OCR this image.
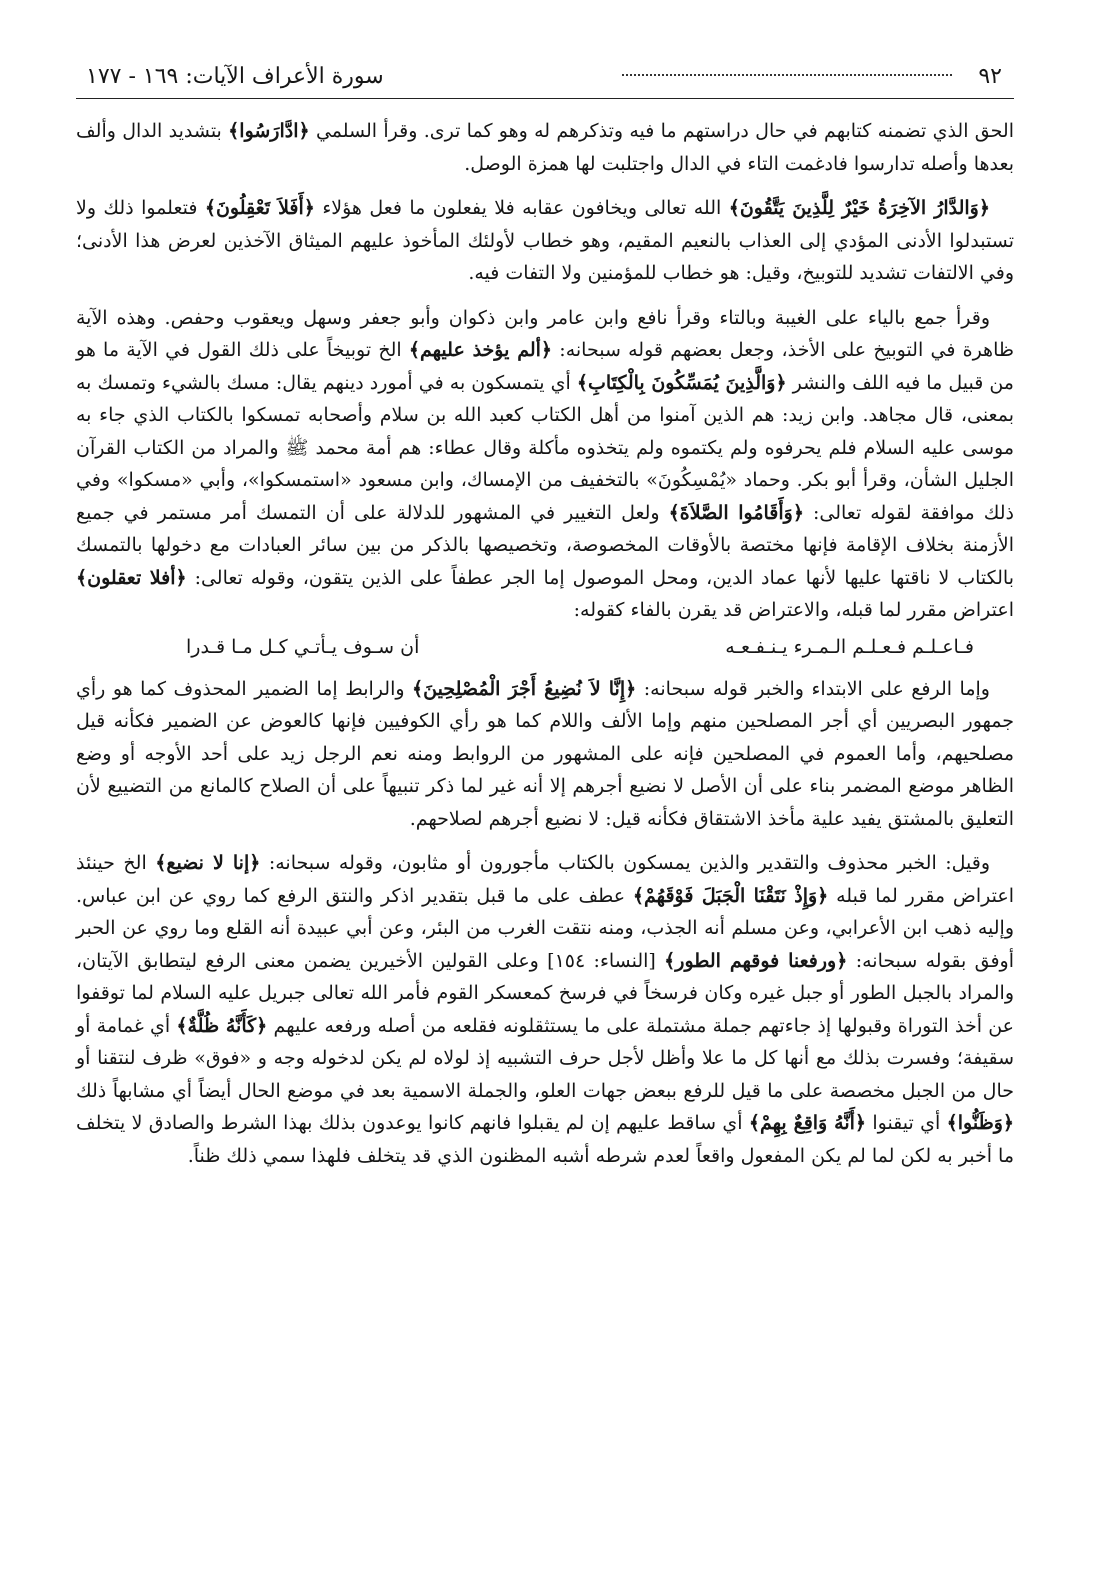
٩٢
سورة الأعراف الآيات: ١٦٩ - ١٧٧

الحق الذي تضمنه كتابهم في حال دراستهم ما فيه وتذكرهم له وهو كما ترى. وقرأ السلمي ﴿ادَّارَسُوا﴾ بتشديد الدال وألف بعدها وأصله تدارسوا فادغمت التاء في الدال واجتلبت لها همزة الوصل.

﴿وَالدَّارُ الآخِرَةُ خَيْرٌ لِلَّذِينَ يَتَّقُونَ﴾ الله تعالى ويخافون عقابه فلا يفعلون ما فعل هؤلاء ﴿أَفَلاَ تَعْقِلُونَ﴾ فتعلموا ذلك ولا تستبدلوا الأدنى المؤدي إلى العذاب بالنعيم المقيم، وهو خطاب لأولئك المأخوذ عليهم الميثاق الآخذين لعرض هذا الأدنى؛ وفي الالتفات تشديد للتوبيخ، وقيل: هو خطاب للمؤمنين ولا التفات فيه.

وقرأ جمع بالياء على الغيبة وبالتاء وقرأ نافع وابن عامر وابن ذكوان وأبو جعفر وسهل ويعقوب وحفص. وهذه الآية ظاهرة في التوبيخ على الأخذ، وجعل بعضهم قوله سبحانه: ﴿ألم يؤخذ عليهم﴾ الخ توبيخاً على ذلك القول في الآية ما هو من قبيل ما فيه اللف والنشر ﴿وَالَّذِينَ يُمَسِّكُونَ بِالْكِتَابِ﴾ أي يتمسكون به في أمورد دينهم يقال: مسك بالشيء وتمسك به بمعنى، قال مجاهد. وابن زيد: هم الذين آمنوا من أهل الكتاب كعبد الله بن سلام وأصحابه تمسكوا بالكتاب الذي جاء به موسى عليه السلام فلم يحرفوه ولم يكتموه ولم يتخذوه مأكلة وقال عطاء: هم أمة محمد ﷺ والمراد من الكتاب القرآن الجليل الشأن، وقرأ أبو بكر. وحماد «يُمْسِكُونَ» بالتخفيف من الإمساك، وابن مسعود «استمسكوا»، وأبي «مسكوا» وفي ذلك موافقة لقوله تعالى: ﴿وَأَقَامُوا الصَّلاَةَ﴾ ولعل التغيير في المشهور للدلالة على أن التمسك أمر مستمر في جميع الأزمنة بخلاف الإقامة فإنها مختصة بالأوقات المخصوصة، وتخصيصها بالذكر من بين سائر العبادات مع دخولها بالتمسك بالكتاب لا ناقتها عليها لأنها عماد الدين، ومحل الموصول إما الجر عطفاً على الذين يتقون، وقوله تعالى: ﴿أفلا تعقلون﴾ اعتراض مقرر لما قبله، والاعتراض قد يقرن بالفاء كقوله:

فـاعـلـم فـعـلـم الـمـرء يـنـفـعـه
أن سـوف يـأتـي كـل مـا قـدرا

وإما الرفع على الابتداء والخبر قوله سبحانه: ﴿إِنَّا لاَ نُضِيعُ أَجْرَ الْمُصْلِحِينَ﴾ والرابط إما الضمير المحذوف كما هو رأي جمهور البصريين أي أجر المصلحين منهم وإما الألف واللام كما هو رأي الكوفيين فإنها كالعوض عن الضمير فكأنه قيل مصلحيهم، وأما العموم في المصلحين فإنه على المشهور من الروابط ومنه نعم الرجل زيد على أحد الأوجه أو وضع الظاهر موضع المضمر بناء على أن الأصل لا نضيع أجرهم إلا أنه غير لما ذكر تنبيهاً على أن الصلاح كالمانع من التضييع لأن التعليق بالمشتق يفيد علية مأخذ الاشتقاق فكأنه قيل: لا نضيع أجرهم لصلاحهم.

وقيل: الخبر محذوف والتقدير والذين يمسكون بالكتاب مأجورون أو مثابون، وقوله سبحانه: ﴿إنا لا نضيع﴾ الخ حينئذ اعتراض مقرر لما قبله ﴿وَإِذْ نَتَقْنَا الْجَبَلَ فَوْقَهُمْ﴾ عطف على ما قبل بتقدير اذكر والنتق الرفع كما روي عن ابن عباس. وإليه ذهب ابن الأعرابي، وعن مسلم أنه الجذب، ومنه نتقت الغرب من البئر، وعن أبي عبيدة أنه القلع وما روي عن الحبر أوفق بقوله سبحانه: ﴿ورفعنا فوقهم الطور﴾ [النساء: ١٥٤] وعلى القولين الأخيرين يضمن معنى الرفع ليتطابق الآيتان، والمراد بالجبل الطور أو جبل غيره وكان فرسخاً في فرسخ كمعسكر القوم فأمر الله تعالى جبريل عليه السلام لما توقفوا عن أخذ التوراة وقبولها إذ جاءتهم جملة مشتملة على ما يستثقلونه فقلعه من أصله ورفعه عليهم ﴿كَأَنَّهُ ظُلَّةٌ﴾ أي غمامة أو سقيفة؛ وفسرت بذلك مع أنها كل ما علا وأظل لأجل حرف التشبيه إذ لولاه لم يكن لدخوله وجه و «فوق» ظرف لنتقنا أو حال من الجبل مخصصة على ما قيل للرفع ببعض جهات العلو، والجملة الاسمية بعد في موضع الحال أيضاً أي مشابهاً ذلك ﴿وَظَنُّوا﴾ أي تيقنوا ﴿أَنَّهُ وَاقِعٌ بِهِمْ﴾ أي ساقط عليهم إن لم يقبلوا فانهم كانوا يوعدون بذلك بهذا الشرط والصادق لا يتخلف ما أخبر به لكن لما لم يكن المفعول واقعاً لعدم شرطه أشبه المظنون الذي قد يتخلف فلهذا سمي ذلك ظناً.
